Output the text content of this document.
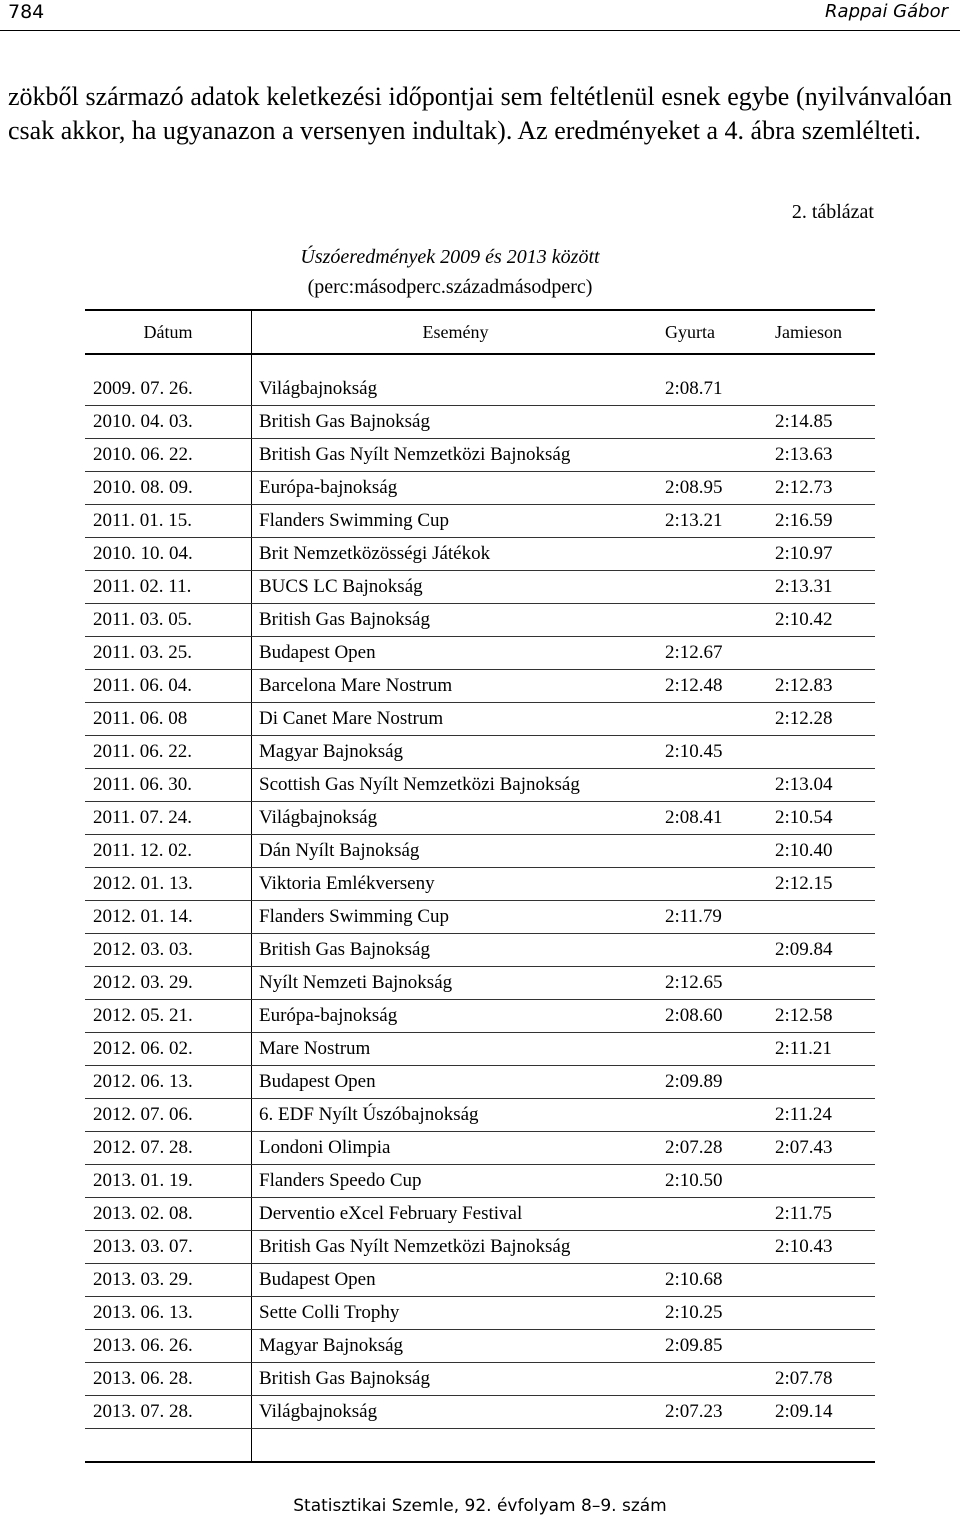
784	Rappai Gábor

zökből származó adatok keletkezési időpontjai sem feltétlenül esnek egybe (nyilvánvalóan csak akkor, ha ugyanazon a versenyen indultak). Az eredményeket a 4. ábra szemlélteti.

2. táblázat
Úszóeredmények 2009 és 2013 között
(perc:másodperc.századmásodperc)
Dátum	Esemény	Gyurta	Jamieson

2009. 07. 26.	Világbajnokság	2:08.71	
2010. 04. 03.	British Gas Bajnokság		2:14.85
2010. 06. 22.	British Gas Nyílt Nemzetközi Bajnokság		2:13.63
2010. 08. 09.	Európa-bajnokság	2:08.95	2:12.73
2011. 01. 15.	Flanders Swimming Cup	2:13.21	2:16.59
2010. 10. 04.	Brit Nemzetközösségi Játékok		2:10.97
2011. 02. 11.	BUCS LC Bajnokság		2:13.31
2011. 03. 05.	British Gas Bajnokság		2:10.42
2011. 03. 25.	Budapest Open	2:12.67	
2011. 06. 04.	Barcelona Mare Nostrum	2:12.48	2:12.83
2011. 06. 08	Di Canet Mare Nostrum		2:12.28
2011. 06. 22.	Magyar Bajnokság	2:10.45	
2011. 06. 30.	Scottish Gas Nyílt Nemzetközi Bajnokság		2:13.04
2011. 07. 24.	Világbajnokság	2:08.41	2:10.54
2011. 12. 02.	Dán Nyílt Bajnokság		2:10.40
2012. 01. 13.	Viktoria Emlékverseny		2:12.15
2012. 01. 14.	Flanders Swimming Cup	2:11.79	
2012. 03. 03.	British Gas Bajnokság		2:09.84
2012. 03. 29.	Nyílt Nemzeti Bajnokság	2:12.65	
2012. 05. 21.	Európa-bajnokság	2:08.60	2:12.58
2012. 06. 02.	Mare Nostrum		2:11.21
2012. 06. 13.	Budapest Open	2:09.89	
2012. 07. 06.	6. EDF Nyílt Úszóbajnokság		2:11.24
2012. 07. 28.	Londoni Olimpia	2:07.28	2:07.43
2013. 01. 19.	Flanders Speedo Cup	2:10.50	
2013. 02. 08.	Derventio eXcel February Festival		2:11.75
2013. 03. 07.	British Gas Nyílt Nemzetközi Bajnokság		2:10.43
2013. 03. 29.	Budapest Open	2:10.68	
2013. 06. 13.	Sette Colli Trophy	2:10.25	
2013. 06. 26.	Magyar Bajnokság	2:09.85	
2013. 06. 28.	British Gas Bajnokság		2:07.78
2013. 07. 28.	Világbajnokság	2:07.23	2:09.14

Statisztikai Szemle, 92. évfolyam 8–9. szám
